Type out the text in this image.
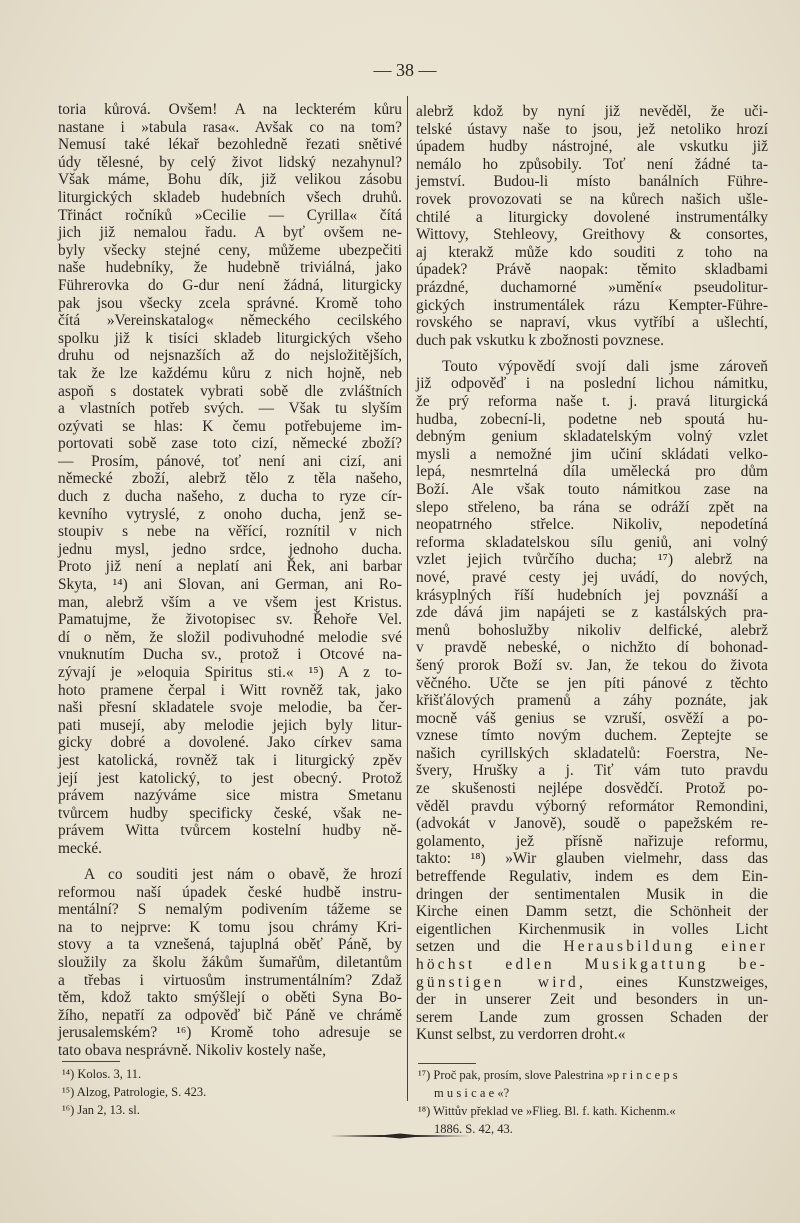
— 38 —
toria kůrová. Ovšem! A na leckterém kůru
nastane i »tabula rasa«. Avšak co na tom?
Nemusí také lékař bezohledně řezati snětivé
údy tělesné, by celý život lidský nezahynul?
Však máme, Bohu dík, již velikou zásobu
liturgických skladeb hudebních všech druhů.
Třináct ročníků »Cecilie — Cyrilla« čítá
jich již nemalou řadu. A byť ovšem ne-
byly všecky stejné ceny, můžeme ubezpečiti
naše hudebníky, že hudebně triviálná, jako
Führerovka do G-dur není žádná, liturgicky
pak jsou všecky zcela správné. Kromě toho
čítá »Vereinskatalog« německého cecilského
spolku již k tisíci skladeb liturgických všeho
druhu od nejsnazších až do nejsložitějších,
tak že lze každému kůru z nich hojně, neb
aspoň s dostatek vybrati sobě dle zvláštních
a vlastních potřeb svých. — Však tu slyším
ozývati se hlas: K čemu potřebujeme im-
portovati sobě zase toto cizí, německé zboží?
— Prosím, pánové, toť není ani cizí, ani
německé zboží, alebrž tělo z těla našeho,
duch z ducha našeho, z ducha to ryze cír-
kevního vytryslé, z onoho ducha, jenž se-
stoupiv s nebe na věřící, roznítil v nich
jednu mysl, jedno srdce, jednoho ducha.
Proto již není a neplatí ani Řek, ani barbar
Skyta, ¹⁴) ani Slovan, ani German, ani Ro-
man, alebrž vším a ve všem jest Kristus.
Pamatujme, že životopisec sv. Řehoře Vel.
dí o něm, že složil podivuhodné melodie své
vnuknutím Ducha sv., protož i Otcové na-
zývají je »eloquia Spiritus sti.« ¹⁵) A z to-
hoto pramene čerpal i Witt rovněž tak, jako
naši přesní skladatele svoje melodie, ba čer-
pati musejí, aby melodie jejich byly litur-
gicky dobré a dovolené. Jako církev sama
jest katolická, rovněž tak i liturgický zpěv
její jest katolický, to jest obecný. Protož
právem nazýváme sice mistra Smetanu
tvůrcem hudby specificky české, však ne-
právem Witta tvůrcem kostelní hudby ně-
mecké.
A co souditi jest nám o obavě, že hrozí
reformou naší úpadek české hudbě instru-
mentální? S nemalým podivením tážeme se
na to nejprve: K tomu jsou chrámy Kri-
stovy a ta vznešená, tajuplná oběť Páně, by
sloužily za školu žákům šumařům, diletantům
a třebas i virtuosům instrumentálním? Zdaž
těm, kdož takto smýšlejí o oběti Syna Bo-
žího, nepatří za odpověď bič Páně ve chrámě
jerusalemském? ¹⁶) Kromě toho adresuje se
tato obava nesprávně. Nikoliv kostely naše,
alebrž kdož by nyní již nevěděl, že uči-
telské ústavy naše to jsou, jež netoliko hrozí
úpadem hudby nástrojné, ale vskutku již
nemálo ho způsobily. Toť není žádné ta-
jemství. Budou-li místo banálních Führe-
rovek provozovati se na kůrech našich ušle-
chtilé a liturgicky dovolené instrumentálky
Wittovy, Stehleovy, Greithovy & consortes,
aj kterakž může kdo souditi z toho na
úpadek? Právě naopak: těmito skladbami
prázdné, duchamorné »umění« pseudolitur-
gických instrumentálek rázu Kempter-Führe-
rovského se napraví, vkus vytříbí a ušlechtí,
duch pak vskutku k zbožnosti povznese.
Touto výpovědí svojí dali jsme zároveň
již odpověď i na poslední lichou námitku,
že prý reforma naše t. j. pravá liturgická
hudba, zobecní-li, podetne neb spoutá hu-
debným genium skladatelským volný vzlet
mysli a nemožné jim učiní skládati velko-
lepá, nesmrtelná díla umělecká pro dům
Boží. Ale však touto námitkou zase na
slepo střeleno, ba rána se odráží zpět na
neopatrného střelce. Nikoliv, nepodetíná
reforma skladatelskou sílu geniů, ani volný
vzlet jejich tvůrčího ducha; ¹⁷) alebrž na
nové, pravé cesty jej uvádí, do nových,
krásyplných říší hudebních jej povznáší a
zde dává jim napájeti se z kastálských pra-
menů bohoslužby nikoliv delfické, alebrž
v pravdě nebeské, o nichžto dí bohonad-
šený prorok Boží sv. Jan, že tekou do života
věčného. Učte se jen píti pánové z těchto
křišťálových pramenů a záhy poznáte, jak
mocně váš genius se vzruší, osvěží a po-
vznese tímto novým duchem. Zeptejte se
našich cyrillských skladatelů: Foerstra, Ne-
švery, Hrušky a j. Tiť vám tuto pravdu
ze skušenosti nejlépe dosvědčí. Protož po-
věděl pravdu výborný reformátor Remondini,
(advokát v Janově), soudě o papežském re-
golamento, jež přísně nařizuje reformu,
takto: ¹⁸) »Wir glauben vielmehr, dass das
betreffende Regulativ, indem es dem Ein-
dringen der sentimentalen Musik in die
Kirche einen Damm setzt, die Schönheit der
eigentlichen Kirchenmusik in volles Licht
setzen und die Herausbildung einer
höchst edlen Musikgattung be-
günstigen wird, eines Kunstzweiges,
der in unserer Zeit und besonders in un-
serem Lande zum grossen Schaden der
Kunst selbst, zu verdorren droht.«
¹⁴) Kolos. 3, 11.
¹⁵) Alzog, Patrologie, S. 423.
¹⁶) Jan 2, 13. sl.
¹⁷) Proč pak, prosím, slove Palestrina »princeps
musicae«?
¹⁸) Wittův překlad ve »Flieg. Bl. f. kath. Kichenm.«
1886. S. 42, 43.
